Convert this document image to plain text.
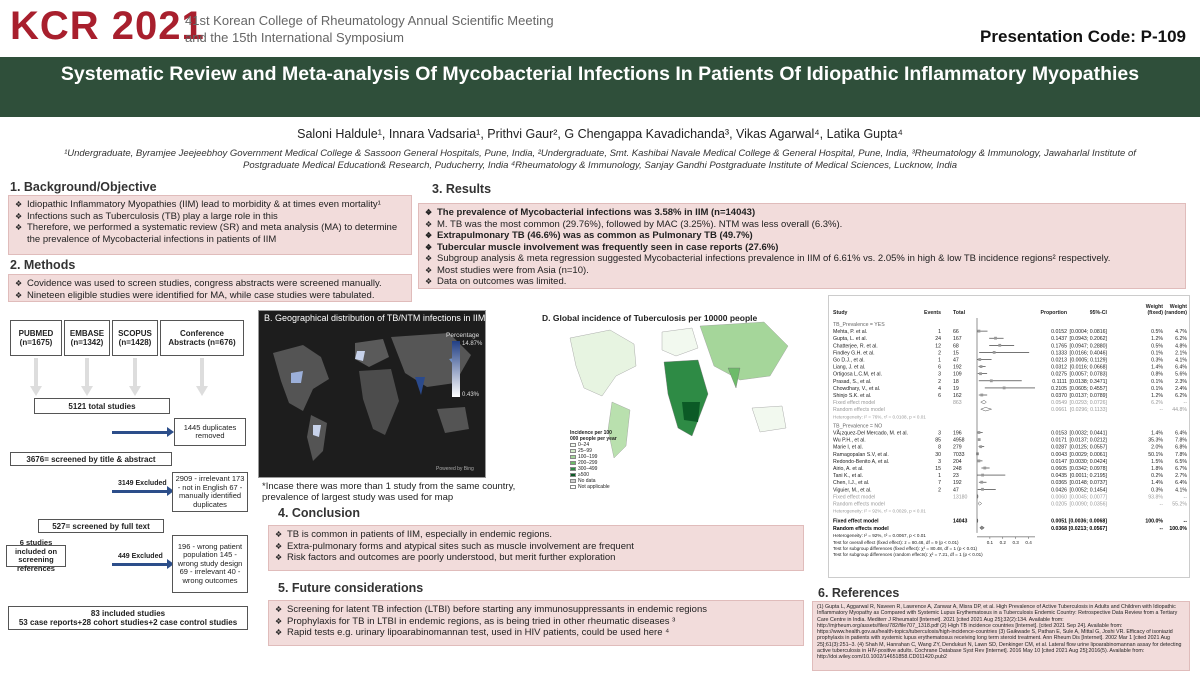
KCR 2021
41st Korean College of Rheumatology Annual Scientific Meeting
and the 15th International Symposium	Presentation Code: P-109
Systematic Review and Meta-analysis Of Mycobacterial Infections In Patients Of Idiopathic Inflammatory Myopathies
Saloni Haldule¹, Innara Vadsaria¹, Prithvi Gaur², G Chengappa Kavadichanda³, Vikas Agarwal⁴, Latika Gupta⁴
¹Undergraduate, Byramjee Jeejeebhoy Government Medical College & Sassoon General Hospitals, Pune, India, ²Undergraduate, Smt. Kashibai Navale Medical College & General Hospital, Pune, India, ³Rheumatology & Immunology, Jawaharlal Institute of Postgraduate Medical Education& Research, Puducherry, India ⁴Rheumatology & Immunology, Sanjay Gandhi Postgraduate Institute of Medical Sciences, Lucknow, India
1. Background/Objective
❖ Idiopathic Inflammatory Myopathies (IIM) lead to morbidity & at times even mortality¹
❖ Infections such as Tuberculosis (TB) play a large role in this
❖ Therefore, we performed a systematic review (SR) and meta analysis (MA) to determine the prevalence of Mycobacterial infections in patients of IIM
2. Methods
❖ Covidence was used to screen studies, congress abstracts were screened manually.
❖ Nineteen eligible studies were identified for MA, while case studies were tabulated.
PUBMED (n=1675)
EMBASE (n=1342)
SCOPUS (n=1428)
Conference Abstracts (n=676)
5121 total studies
1445 duplicates removed
3676= screened by title & abstract
3149 Excluded
2909 - irrelevant 173 - not in English 67 - manually identified duplicates
527= screened by full text
6 studies included on screening references
449 Excluded
196 - wrong patient population 145 - wrong study design 69 - irrelevant 40 - wrong outcomes
83 included studies
53 case reports+28 cohort studies+2 case control studies
3. Results
❖ The prevalence of Mycobacterial infections was 3.58% in IIM (n=14043)
❖ M. TB was the most common (29.76%), followed by MAC (3.25%). NTM was less overall (6.3%).
❖ Extrapulmonary TB (46.6%) was as common as Pulmonary TB (49.7%)
❖ Tubercular muscle involvement was frequently seen in case reports (27.6%)
❖ Subgroup analysis & meta regression suggested Mycobacterial infections prevalence in IIM of 6.61% vs. 2.05% in high & low TB incidence regions² respectively.
❖ Most studies were from Asia (n=10).
❖ Data on outcomes was limited.
B. Geographical distribution of TB/NTM infections in IIM studies
Percentage
14.87%
0.43%
Powered by Bing
*Incase there was more than 1 study from the same country, prevalence of largest study was used for map
D. Global incidence of Tuberculosis per 10000 people
Incidence per 100 000 people per year
0–24
25–99
100–199
200–299
300–499
≥500
No data
Not applicable
4. Conclusion
❖ TB is common in patients of IIM, especially in endemic regions.
❖ Extra-pulmonary forms and atypical sites such as muscle involvement are frequent
❖ Risk factors and outcomes are poorly understood, but merit further exploration
5. Future considerations
❖ Screening for latent TB infection (LTBI) before starting any immunosuppressants in endemic regions
❖ Prophylaxis for TB in LTBI in endemic regions, as is being tried in other rheumatic diseases ³
❖ Rapid tests e.g. urinary lipoarabinomannan test, used in HIV patients, could be used here ⁴
Study	Events Total	Proportion	95%-CI
Weight
(fixed)
Weight
(random)
TB_Prevalence = YES
Mehta, P. et al.	1 66	0.0152 [0.0004; 0.0816]	0.5% 4.7%
Gupta, L. et al.	24 167	0.1437 [0.0943; 0.2062]	1.2% 6.2%
Chatterjee, R. et al.	12 68	0.1765 [0.0947; 0.2880]	0.5% 4.8%
Findley G.H. et al.	2 15	0.1333 [0.0166; 0.4046]	0.1% 2.1%
Go D.J., et al.	1 47	0.0213 [0.0005; 0.1129]	0.3% 4.1%
Liang, J. et al.	6 192	0.0312 [0.0116; 0.0668]	1.4% 6.4%
Ortigosa L.C.M, et al.	3 109	0.0275 [0.0057; 0.0783]	0.8% 5.6%
Prasad, S., et al.	2 18	0.1111 [0.0138; 0.3471]	0.1% 2.3%
Chowdhary, V., et al.	4 19	0.2105 [0.0605; 0.4557]	0.1% 2.4%
Shinjo S.K. et al.	6 162	0.0370 [0.0137; 0.0789]	1.2% 6.2%
Fixed effect model	863	0.0549 [0.0293; 0.0726]	6.2%	--
Random effects model	0.0661 [0.0296; 0.1133]	-- 44.8%
Heterogeneity: I² = 76%, τ² = 0.0108, p < 0.01
TB_Prevalence = NO
VÃ¡zquez-Del Mercado, M. et al.	3 196	0.0153 [0.0032; 0.0441]	1.4% 6.4%
Wu P.H., et al.	85 4958	0.0171 [0.0137; 0.0212]	35.3% 7.8%
Marie I, et al.	8 279	0.0287 [0.0125; 0.0557]	2.0% 6.8%
Ramagopalan S.V, et al.	30 7033	0.0043 [0.0029; 0.0061]	50.1% 7.8%
Redondo-Benito A, et al.	3 204	0.0147 [0.0030; 0.0424]	1.5% 6.5%
Airio, A. et al.	15 248	0.0605 [0.0342; 0.0978]	1.8% 6.7%
Tani K., et al.	1 23	0.0435 [0.0011; 0.2195]	0.2% 2.7%
Chen, I.J., et al.	7 192	0.0365 [0.0148; 0.0737]	1.4% 6.4%
Viguier, M., et al.	2 47	0.0426 [0.0052; 0.1454]	0.3% 4.1%
Fixed effect model	13180	0.0060 [0.0045; 0.0077]	93.8%	--
Random effects model	0.0205 [0.0090; 0.0356]	-- 55.2%
Heterogeneity: I² = 92%, τ² = 0.0029, p < 0.01
Fixed effect model	14043	0.0051 [0.0036; 0.0068]	100.0%	--
Random effects model	0.0368 [0.0213; 0.0567]	-- 100.0%
Heterogeneity: I² = 92%, τ² = 0.0067, p < 0.01
0.1 0.2 0.3 0.4
Test for overall effect (fixed effect): z = 80.48, df = 9 (p < 0.01)
Test for subgroup differences (fixed effect): χ² = 80.48, df = 1 (p < 0.01)
Test for subgroup differences (random effects): χ² = 7.21, df = 1 (p < 0.01)
6. References
(1) Gupta L, Aggarwal R, Naveen R, Lawrence A, Zanwar A, Misra DP, et al. High Prevalence of Active Tuberculosis in Adults and Children with Idiopathic Inflammatory Myopathy as Compared with Systemic Lupus Erythematosus in a Tuberculosis Endemic Country: Retrospective Data Review from a Tertiary Care Centre in India. Mediterr J Rheumatol [Internet]. 2021 [cited 2021 Aug 25];32(2):134. Available from: http://mjrheum.org/assets/files/782/file707_1318.pdf (2) High TB incidence countries [Internet]. [cited 2021 Sep 24]. Available from: https://www.health.gov.au/health-topics/tuberculosis/high-incidence-countries (3) Gaikwade S, Pathan E, Sule A, Mittal G, Joshi VR. Efficacy of isoniazid prophylaxis in patients with systemic lupus erythematosus receiving long term steroid treatment. Ann Rheum Dis [Internet]. 2002 Mar 1 [cited 2021 Aug 25];61(3):251–3. (4) Shah M, Hanrahan C, Wang ZY, Dendukuri N, Lawn SD, Denkinger CM, et al. Lateral flow urine lipoarabinomannan assay for detecting active tuberculosis in HIV-positive adults. Cochrane Database Syst Rev [Internet]. 2016 May 10 [cited 2021 Aug 25];2016(5). Available from: http://doi.wiley.com/10.1002/14651858.CD011420.pub2
